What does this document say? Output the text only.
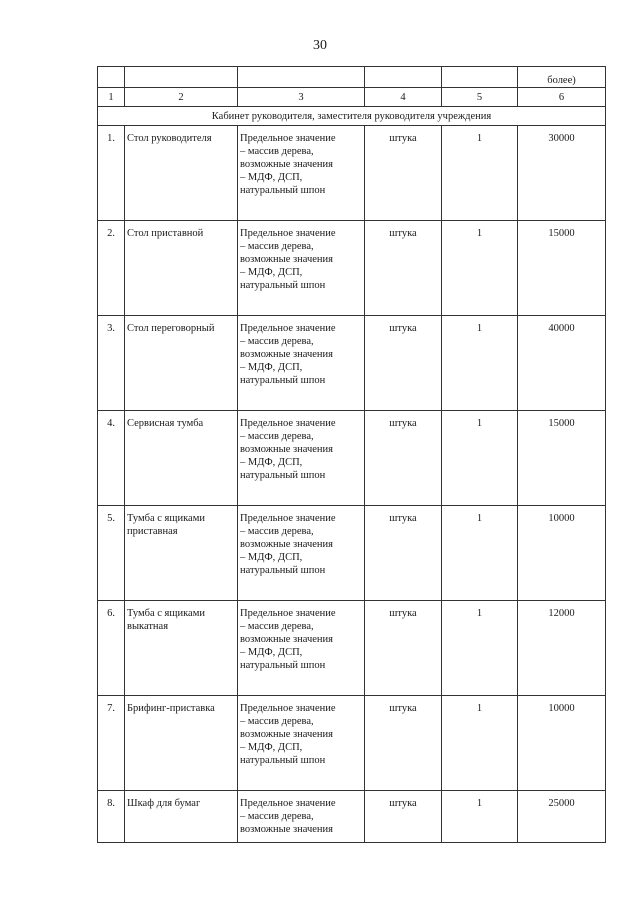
30
					более)
1	2	3	4	5	6
Кабинет руководителя, заместителя руководителя учреждения					
1.	Стол руководителя	Предельное значение
– массив дерева,
возможные значения
– МДФ, ДСП,
натуральный шпон	штука	1	30000
2.	Стол приставной	Предельное значение
– массив дерева,
возможные значения
– МДФ, ДСП,
натуральный шпон	штука	1	15000
3.	Стол переговорный	Предельное значение
– массив дерева,
возможные значения
– МДФ, ДСП,
натуральный шпон	штука	1	40000
4.	Сервисная тумба	Предельное значение
– массив дерева,
возможные значения
– МДФ, ДСП,
натуральный шпон	штука	1	15000
5.	Тумба с ящиками приставная	Предельное значение
– массив дерева,
возможные значения
– МДФ, ДСП,
натуральный шпон	штука	1	10000
6.	Тумба с ящиками выкатная	Предельное значение
– массив дерева,
возможные значения
– МДФ, ДСП,
натуральный шпон	штука	1	12000
7.	Брифинг-приставка	Предельное значение
– массив дерева,
возможные значения
– МДФ, ДСП,
натуральный шпон	штука	1	10000
8.	Шкаф для бумаг	Предельное значение
– массив дерева,
возможные значения	штука	1	25000
